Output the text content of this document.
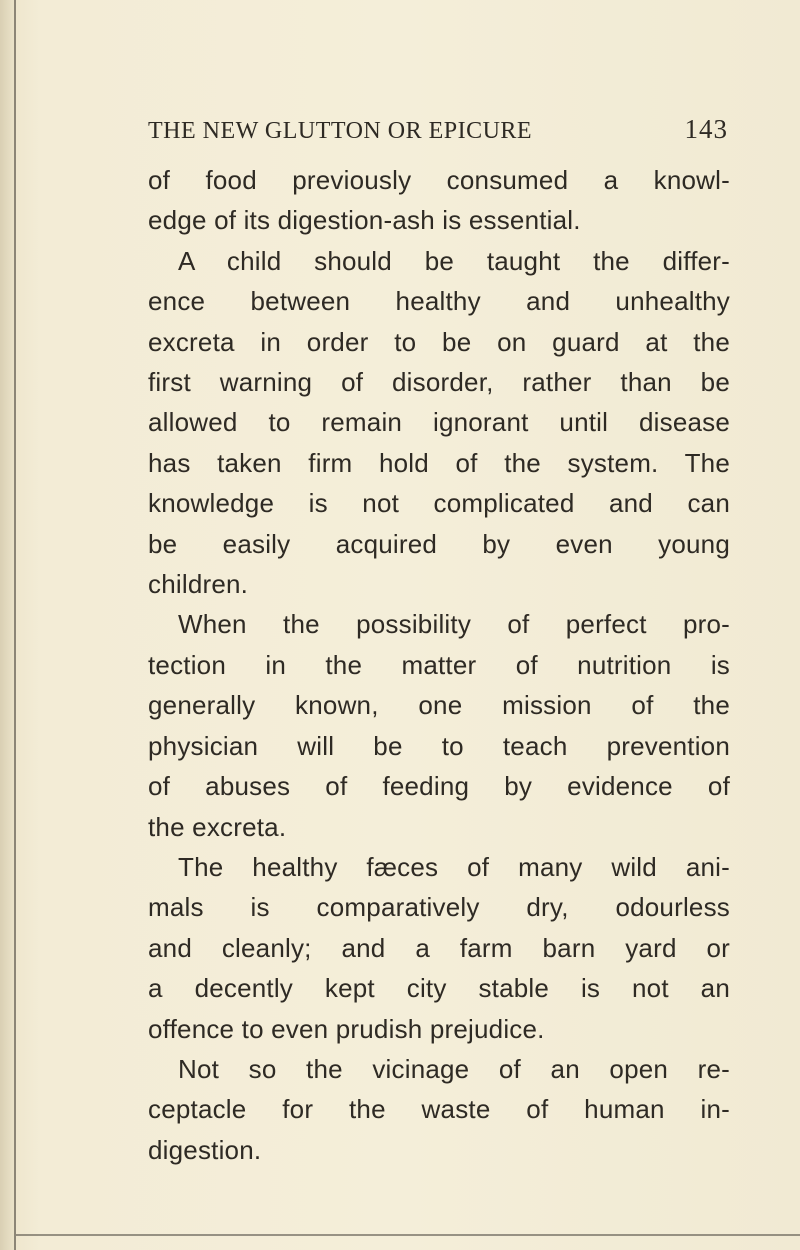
THE NEW GLUTTON OR EPICURE	143
of food previously consumed a knowl-
edge of its digestion-ash is essential.
A child should be taught the differ-
ence between healthy and unhealthy
excreta in order to be on guard at the
first warning of disorder, rather than be
allowed to remain ignorant until disease
has taken firm hold of the system. The
knowledge is not complicated and can
be easily acquired by even young
children.
When the possibility of perfect pro-
tection in the matter of nutrition is
generally known, one mission of the
physician will be to teach prevention
of abuses of feeding by evidence of
the excreta.
The healthy fæces of many wild ani-
mals is comparatively dry, odourless
and cleanly; and a farm barn yard or
a decently kept city stable is not an
offence to even prudish prejudice.
Not so the vicinage of an open re-
ceptacle for the waste of human in-
digestion.
